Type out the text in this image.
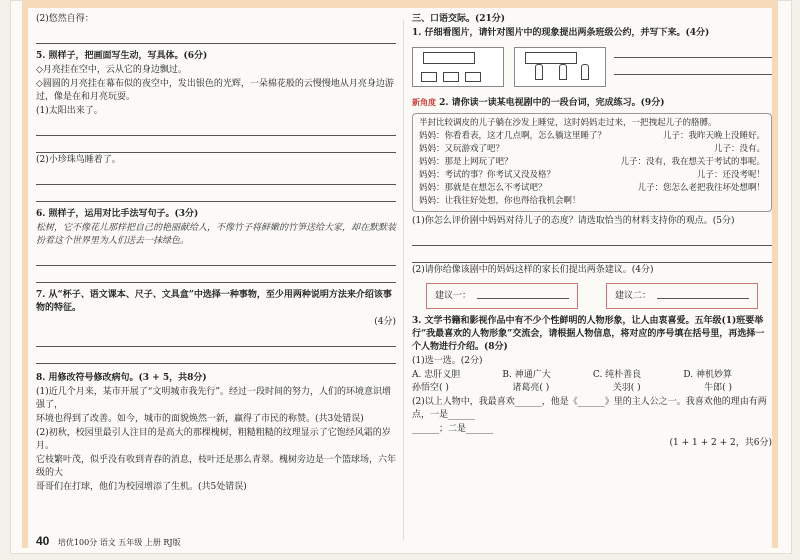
(2)悠然自得：
5. 照样子，把画面写生动，写具体。(6分)
◇月亮挂在空中，云从它的身边飘过。
◇圆圆的月亮挂在幕布似的夜空中，发出银色的光辉，一朵棉花般的云慢慢地从月亮身边游过，像是在和月亮玩耍。
(1)太阳出来了。
(2)小珍珠鸟睡着了。
6. 照样子，运用对比手法写句子。(3分)
松树，它不像花儿那样把自己的艳丽献给人，不像竹子将鲜嫩的竹笋送给大家，却在默默装扮着这个世界里为人们送去一抹绿色。
7. 从“杯子、语文课本、尺子、文具盒”中选择一种事物，至少用两种说明方法来介绍该事物的特征。
(4分)
8. 用修改符号修改病句。(3 + 5，共8分)
(1)近几个月来，某市开展了“文明城市我先行”。经过一段时间的努力，人们的环境意识增强了，
环境也得到了改善。如今，城市的面貌焕然一新，赢得了市民的称赞。(共3处错误)
(2)初秋，校园里最引人注目的是高大的那棵槐树，粗糙粗糙的纹理显示了它饱经风霜的岁月。
它枝繁叶茂，似乎没有收到青春的消息，枝叶还是那么青翠。槐树旁边是一个篮球场，六年级的大
哥哥们在打球，他们为校园增添了生机。(共5处错误)
40 培优100分 语文 五年级 上册 RJ版
三、口语交际。(21分)
1. 仔细看图片，请针对图片中的现象提出两条班级公约，并写下来。(4分)
新角度 2. 请你读一读某电视剧中的一段台词，完成练习。(9分)
半封比较调皮的儿子躺在沙发上睡觉，这时妈妈走过来，一把拽起儿子的胳膊。
妈妈：你看看表，这才几点啊，怎么躺这里睡了？	儿子：我昨天晚上没睡好。
妈妈：又玩游戏了吧？	儿子：没有。
妈妈：那是上网玩了吧？	儿子：没有，我在想关于考试的事呢。
妈妈：考试的事？你考试又没及格？	儿子：还没考呢！
妈妈：那就是在想怎么不考试吧？	儿子：您怎么老把我往坏处想啊！
妈妈：让我往好处想，你也得给我机会啊！
(1)你怎么评价剧中妈妈对待儿子的态度？请选取恰当的材料支持你的观点。(5分)
(2)请你给像该剧中的妈妈这样的家长们提出两条建议。(4分)
建议一：	建议二：
3. 文学书籍和影视作品中有不少个性鲜明的人物形象，让人由衷喜爱。五年级(1)班要举行“我最喜欢的人物形象”交流会，请根据人物信息，将对应的序号填在括号里，再选择一个人物进行介绍。(8分)
(1)选一选。(2分)
A. 忠肝义胆	B. 神通广大	C. 纯朴善良	D. 神机妙算
孙悟空( )	诸葛亮( )	关羽( )	牛郎( )
(2)以上人物中，我最喜欢______，他是《______》里的主人公之一。我喜欢他的理由有两点，一是______
______；二是______
(1 + 1 + 2 + 2，共6分)
